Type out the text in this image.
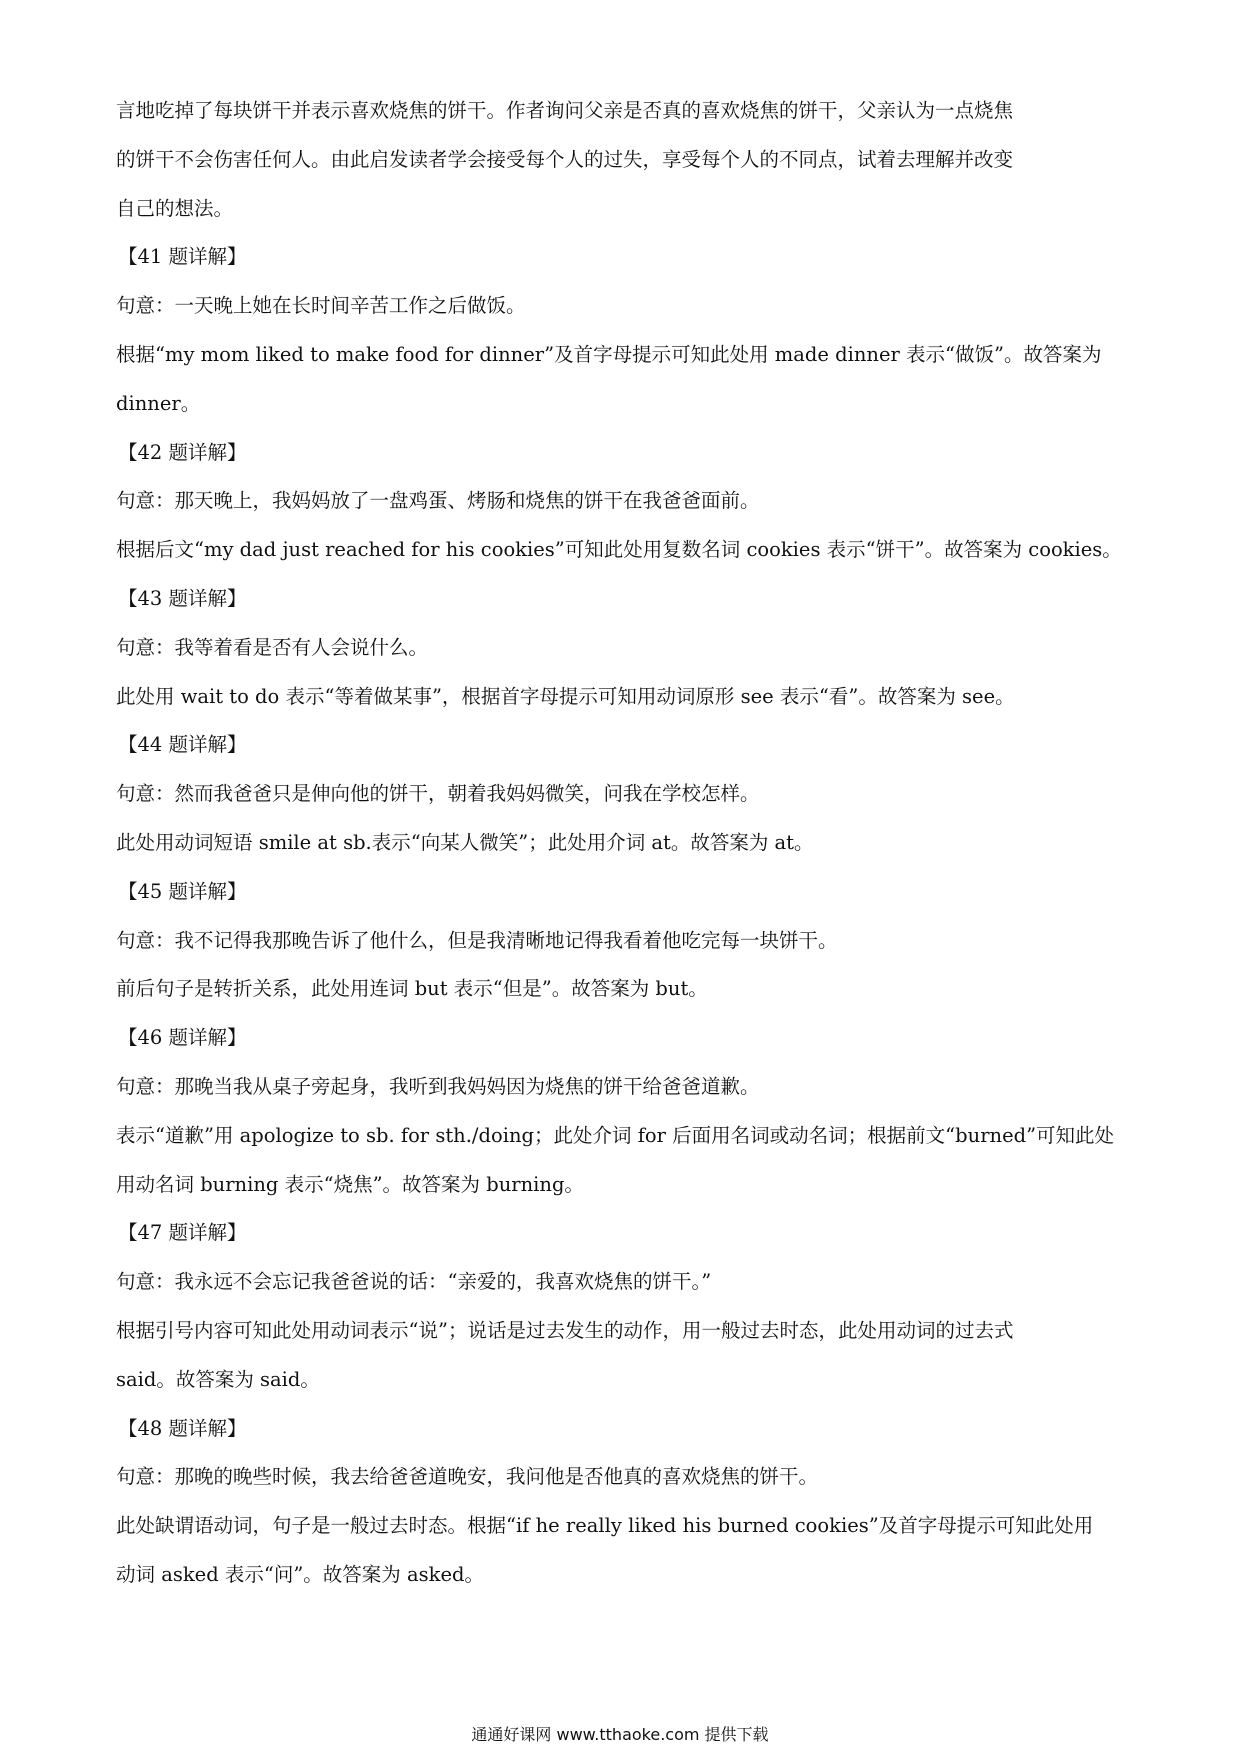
言地吃掉了每块饼干并表示喜欢烧焦的饼干。作者询问父亲是否真的喜欢烧焦的饼干，父亲认为一点烧焦
的饼干不会伤害任何人。由此启发读者学会接受每个人的过失，享受每个人的不同点，试着去理解并改变
自己的想法。
【41 题详解】
句意：一天晚上她在长时间辛苦工作之后做饭。
根据“my mom liked to make food for dinner”及首字母提示可知此处用 made dinner 表示“做饭”。故答案为
dinner。
【42 题详解】
句意：那天晚上，我妈妈放了一盘鸡蛋、烤肠和烧焦的饼干在我爸爸面前。
根据后文“my dad just reached for his cookies”可知此处用复数名词 cookies 表示“饼干”。故答案为 cookies。
【43 题详解】
句意：我等着看是否有人会说什么。
此处用 wait to do 表示“等着做某事”，根据首字母提示可知用动词原形 see 表示“看”。故答案为 see。
【44 题详解】
句意：然而我爸爸只是伸向他的饼干，朝着我妈妈微笑，问我在学校怎样。
此处用动词短语 smile at sb.表示“向某人微笑”；此处用介词 at。故答案为 at。
【45 题详解】
句意：我不记得我那晚告诉了他什么，但是我清晰地记得我看着他吃完每一块饼干。
前后句子是转折关系，此处用连词 but 表示“但是”。故答案为 but。
【46 题详解】
句意：那晚当我从桌子旁起身，我听到我妈妈因为烧焦的饼干给爸爸道歉。
表示“道歉”用 apologize to sb. for sth./doing；此处介词 for 后面用名词或动名词；根据前文“burned”可知此处
用动名词 burning 表示“烧焦”。故答案为 burning。
【47 题详解】
句意：我永远不会忘记我爸爸说的话：“亲爱的，我喜欢烧焦的饼干。”
根据引号内容可知此处用动词表示“说”；说话是过去发生的动作，用一般过去时态，此处用动词的过去式
said。故答案为 said。
【48 题详解】
句意：那晚的晚些时候，我去给爸爸道晚安，我问他是否他真的喜欢烧焦的饼干。
此处缺谓语动词，句子是一般过去时态。根据“if he really liked his burned cookies”及首字母提示可知此处用
动词 asked 表示“问”。故答案为 asked。
通通好课网 www.tthaoke.com 提供下载
